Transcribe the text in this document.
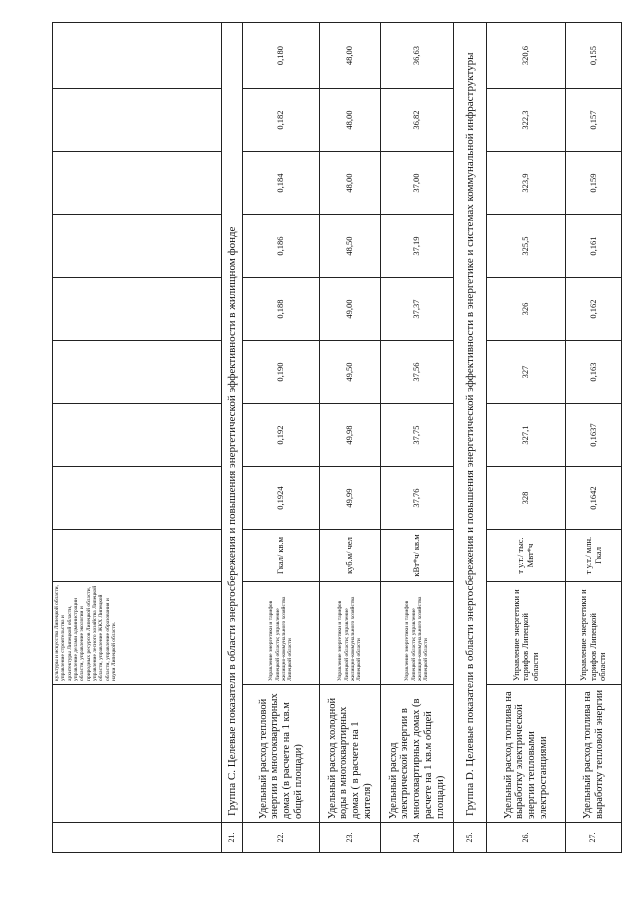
		культуры и искусства Липецкой области, управление строительства и архитектуры Липецкой области, управление делами администрации области, управление экологии и природных ресурсов Липецкой области, управление лесного хозяйства Липецкой области, управление ЖКХ Липецкой области, управление образования и науки Липецкой области.									
21.	Группа С. Целевые показатели в области энергосбережения и повышения энергетической эффективности в жилищном фонде										
22.	Удельный расход тепловой энергии в многоквартирных домах (в расчете на 1 кв.м общей площади)	Управление энергетики и тарифов Липецкой области; управление жилищно-коммунального хозяйства Липецкой области	Гкал/ кв.м	0,1924	0,192	0,190	0,188	0,186	0,184	0,182	0,180
23.	Удельный расход холодной воды в многоквартирных домах ( в расчете на 1 жителя)	Управление энергетики и тарифов Липецкой области; управление жилищно-коммунального хозяйства Липецкой области	куб.м/ чел	49,99	49,98	49,50	49,00	48,50	48,00	48,00	48,00
24.	Удельный расход электрической энергии в многоквартирных домах (в расчете на 1 кв.м общей площади)	Управление энергетики и тарифов Липецкой области; управление жилищно-коммунального хозяйства Липецкой области	кВт*ч/ кв.м	37,76	37,75	37,56	37,37	37,19	37,00	36,82	36,63
25.	Группа D. Целевые показатели в области энергосбережения и повышения энергетической эффективности в энергетике и системах коммунальной инфраструктуры										
26.	Удельный расход топлива на выработку электрической энергии тепловыми электростанциями	Управление энергетики и тарифов Липецкой области	т у.т./ тыс. Мвт*ч	328	327,1	327	326	325,5	323,9	322,3	320,6
27.	Удельный расход топлива на выработку тепловой энергии	Управление энергетики и тарифов Липецкой области	т у.т./ млн. Гкал	0,1642	0,1637	0,163	0,162	0,161	0,159	0,157	0,155
